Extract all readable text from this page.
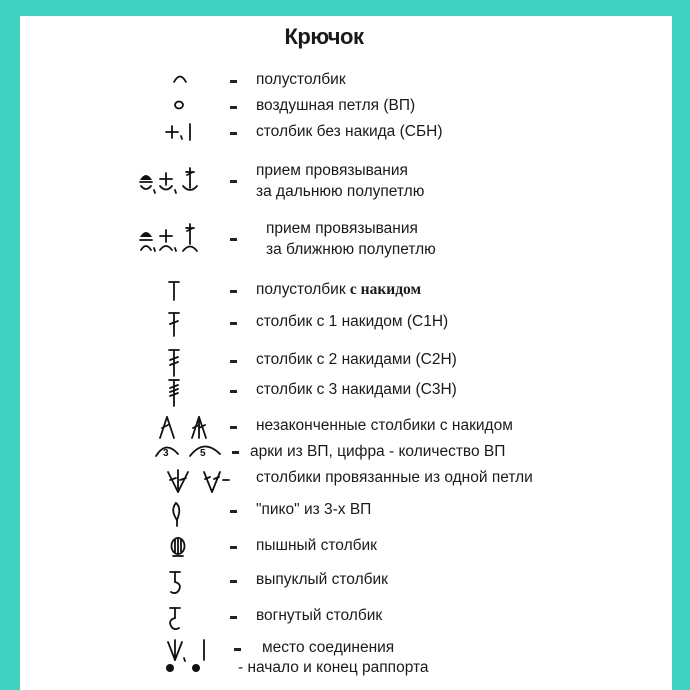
Крючок
полустолбик
воздушная петля (ВП)
столбик без накида (СБН)
прием провязывания
за дальнюю полупетлю
прием провязывания
за ближнюю полупетлю
полустолбик с накидом
столбик с 1 накидом (С1Н)
столбик с 2 накидами (С2Н)
столбик с 3 накидами (С3Н)
незаконченные столбики с накидом
3	5	арки из ВП, цифра - количество ВП
столбики провязанные из одной петли
"пико" из 3-х ВП
пышный столбик
выпуклый столбик
вогнутый столбик
место соединения
- начало и конец раппорта
